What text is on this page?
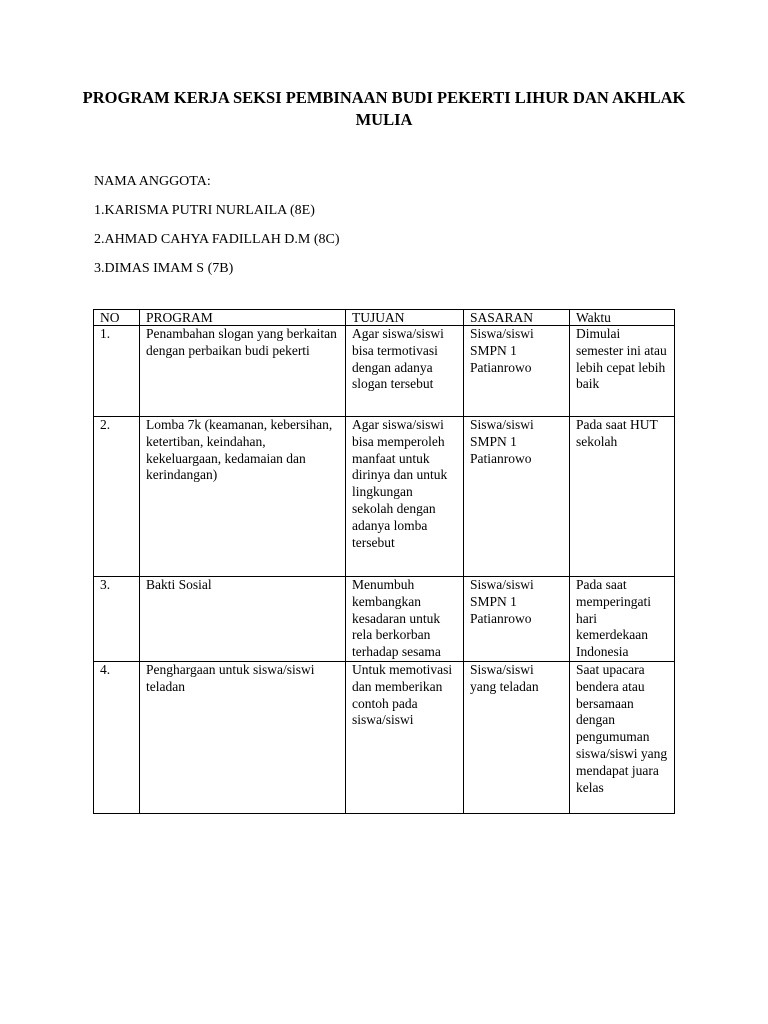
PROGRAM KERJA SEKSI PEMBINAAN BUDI PEKERTI LIHUR DAN AKHLAK MULIA

NAMA ANGGOTA:

1.KARISMA PUTRI NURLAILA (8E)

2.AHMAD CAHYA FADILLAH D.M (8C)

3.DIMAS IMAM S (7B)

NO	PROGRAM	TUJUAN	SASARAN	Waktu
1.	Penambahan slogan yang berkaitan dengan perbaikan budi pekerti	Agar siswa/siswi bisa termotivasi dengan adanya slogan tersebut	Siswa/siswi SMPN 1 Patianrowo	Dimulai semester ini atau lebih cepat lebih baik
2.	Lomba 7k (keamanan, kebersihan, ketertiban, keindahan, kekeluargaan, kedamaian dan kerindangan)	Agar siswa/siswi bisa memperoleh manfaat untuk dirinya dan untuk lingkungan sekolah dengan adanya lomba tersebut	Siswa/siswi SMPN 1 Patianrowo	Pada saat HUT sekolah
3.	Bakti Sosial	Menumbuh kembangkan kesadaran untuk rela berkorban terhadap sesama	Siswa/siswi SMPN 1 Patianrowo	Pada saat memperingati hari kemerdekaan Indonesia
4.	Penghargaan untuk siswa/siswi teladan	Untuk memotivasi dan memberikan contoh pada siswa/siswi	Siswa/siswi yang teladan	Saat upacara bendera atau bersamaan dengan pengumuman siswa/siswi yang mendapat juara kelas
